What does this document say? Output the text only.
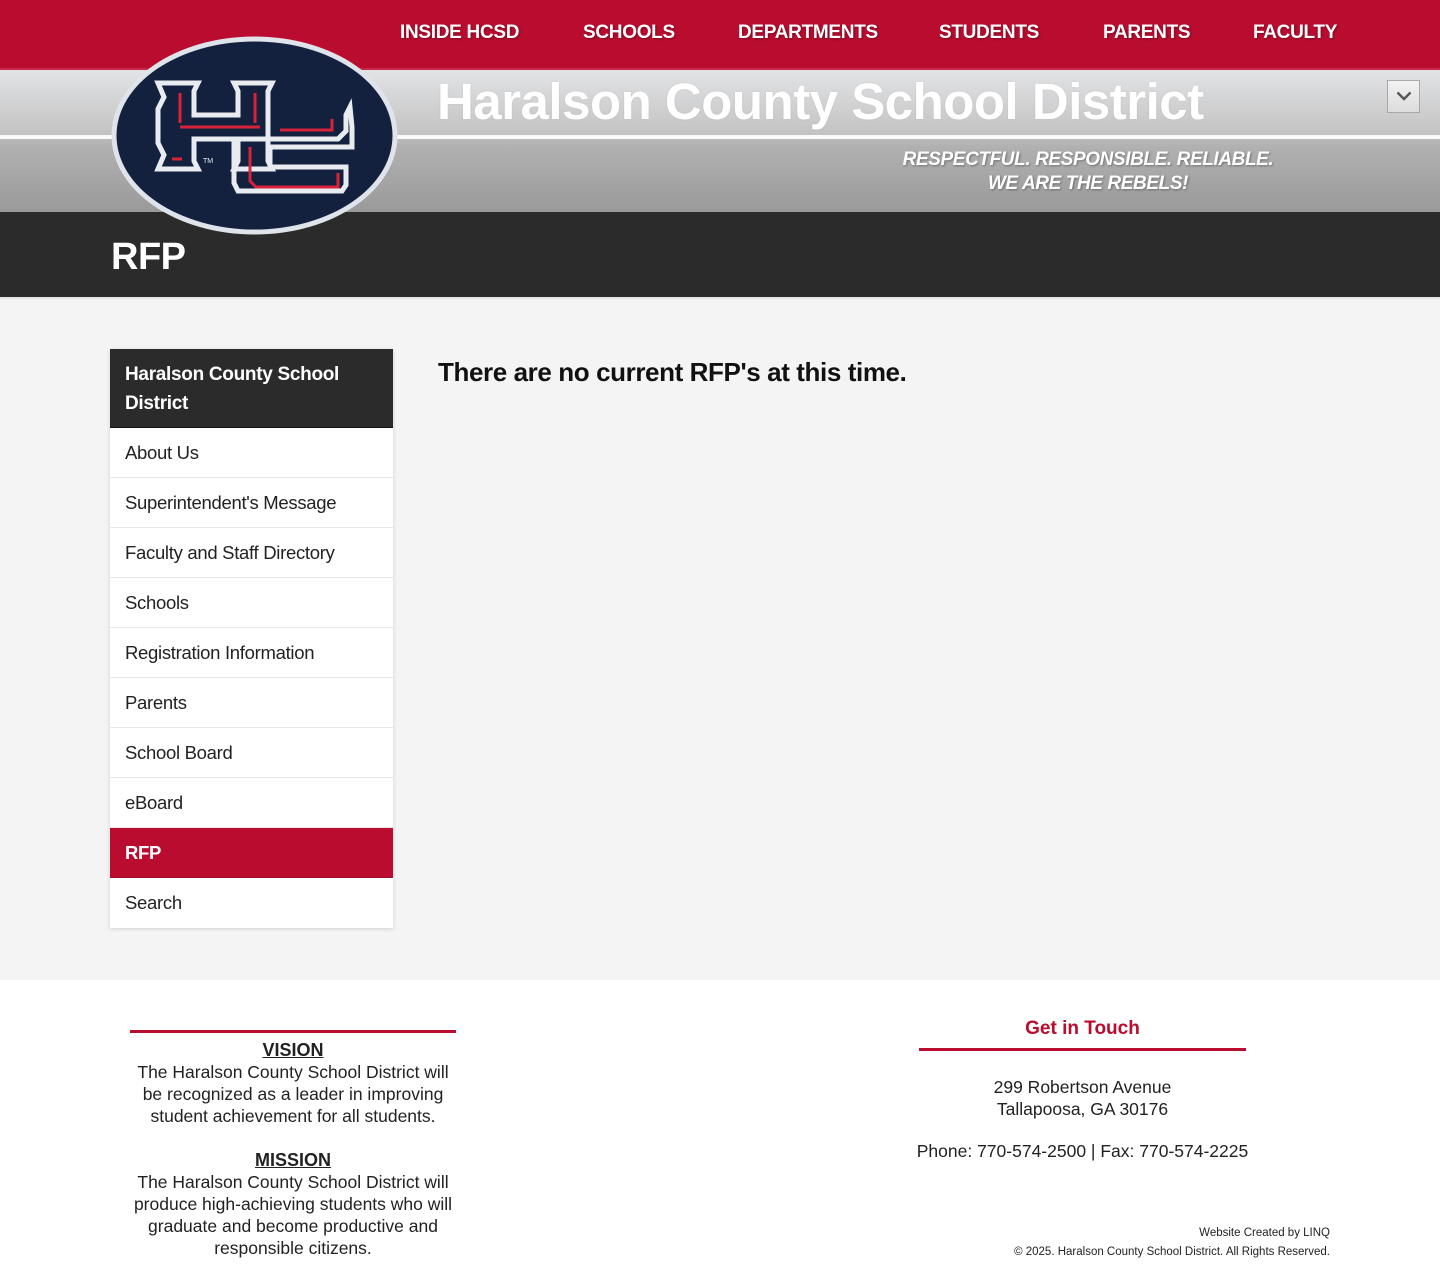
INSIDE HCSD	SCHOOLS	DEPARTMENTS	STUDENTS	PARENTS	FACULTY
Haralson County School District
RESPECTFUL. RESPONSIBLE. RELIABLE.
WE ARE THE REBELS!
TM
RFP
Haralson County School District
About Us
Superintendent's Message
Faculty and Staff Directory
Schools
Registration Information
Parents
School Board
eBoard
RFP
Search
There are no current RFP's at this time.
VISION
The Haralson County School District will be recognized as a leader in improving student achievement for all students.
MISSION
The Haralson County School District will produce high-achieving students who will graduate and become productive and responsible citizens.
Get in Touch
299 Robertson Avenue
Tallapoosa, GA 30176
Phone: 770-574-2500 | Fax: 770-574-2225
Website Created by LINQ
© 2025. Haralson County School District. All Rights Reserved.
